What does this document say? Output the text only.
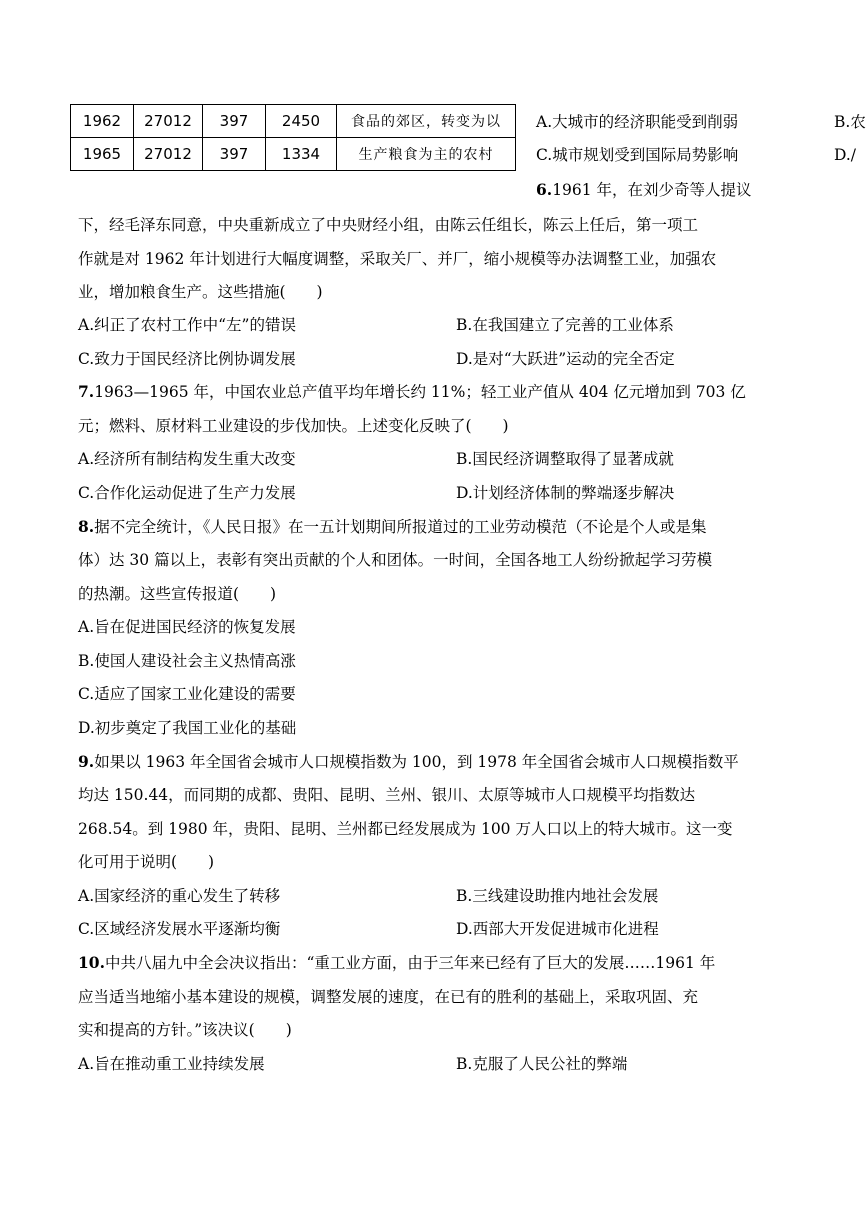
1962	27012	397	2450	食品的郊区，转变为以
1965	27012	397	1334	生产粮食为主的农村
A.大城市的经济职能受到削弱	B.农
C.城市规划受到国际局势影响	D./
6.1961 年，在刘少奇等人提议
下，经毛泽东同意，中央重新成立了中央财经小组，由陈云任组长，陈云上任后，第一项工
作就是对 1962 年计划进行大幅度调整，采取关厂、并厂，缩小规模等办法调整工业，加强农
业，增加粮食生产。这些措施(　　)
A.纠正了农村工作中“左”的错误	B.在我国建立了完善的工业体系
C.致力于国民经济比例协调发展	D.是对“大跃进”运动的完全否定
7.1963—1965 年，中国农业总产值平均年增长约 11%；轻工业产值从 404 亿元增加到 703 亿
元；燃料、原材料工业建设的步伐加快。上述变化反映了(　　)
A.经济所有制结构发生重大改变	B.国民经济调整取得了显著成就
C.合作化运动促进了生产力发展	D.计划经济体制的弊端逐步解决
8.据不完全统计，《人民日报》在一五计划期间所报道过的工业劳动模范（不论是个人或是集
体）达 30 篇以上，表彰有突出贡献的个人和团体。一时间，全国各地工人纷纷掀起学习劳模
的热潮。这些宣传报道(　　)
A.旨在促进国民经济的恢复发展
B.使国人建设社会主义热情高涨
C.适应了国家工业化建设的需要
D.初步奠定了我国工业化的基础
9.如果以 1963 年全国省会城市人口规模指数为 100，到 1978 年全国省会城市人口规模指数平
均达 150.44，而同期的成都、贵阳、昆明、兰州、银川、太原等城市人口规模平均指数达
268.54。到 1980 年，贵阳、昆明、兰州都已经发展成为 100 万人口以上的特大城市。这一变
化可用于说明(　　)
A.国家经济的重心发生了转移	B.三线建设助推内地社会发展
C.区域经济发展水平逐渐均衡	D.西部大开发促进城市化进程
10.中共八届九中全会决议指出：“重工业方面，由于三年来已经有了巨大的发展……1961 年
应当适当地缩小基本建设的规模，调整发展的速度，在已有的胜利的基础上，采取巩固、充
实和提高的方针。”该决议(　　)
A.旨在推动重工业持续发展	B.克服了人民公社的弊端
